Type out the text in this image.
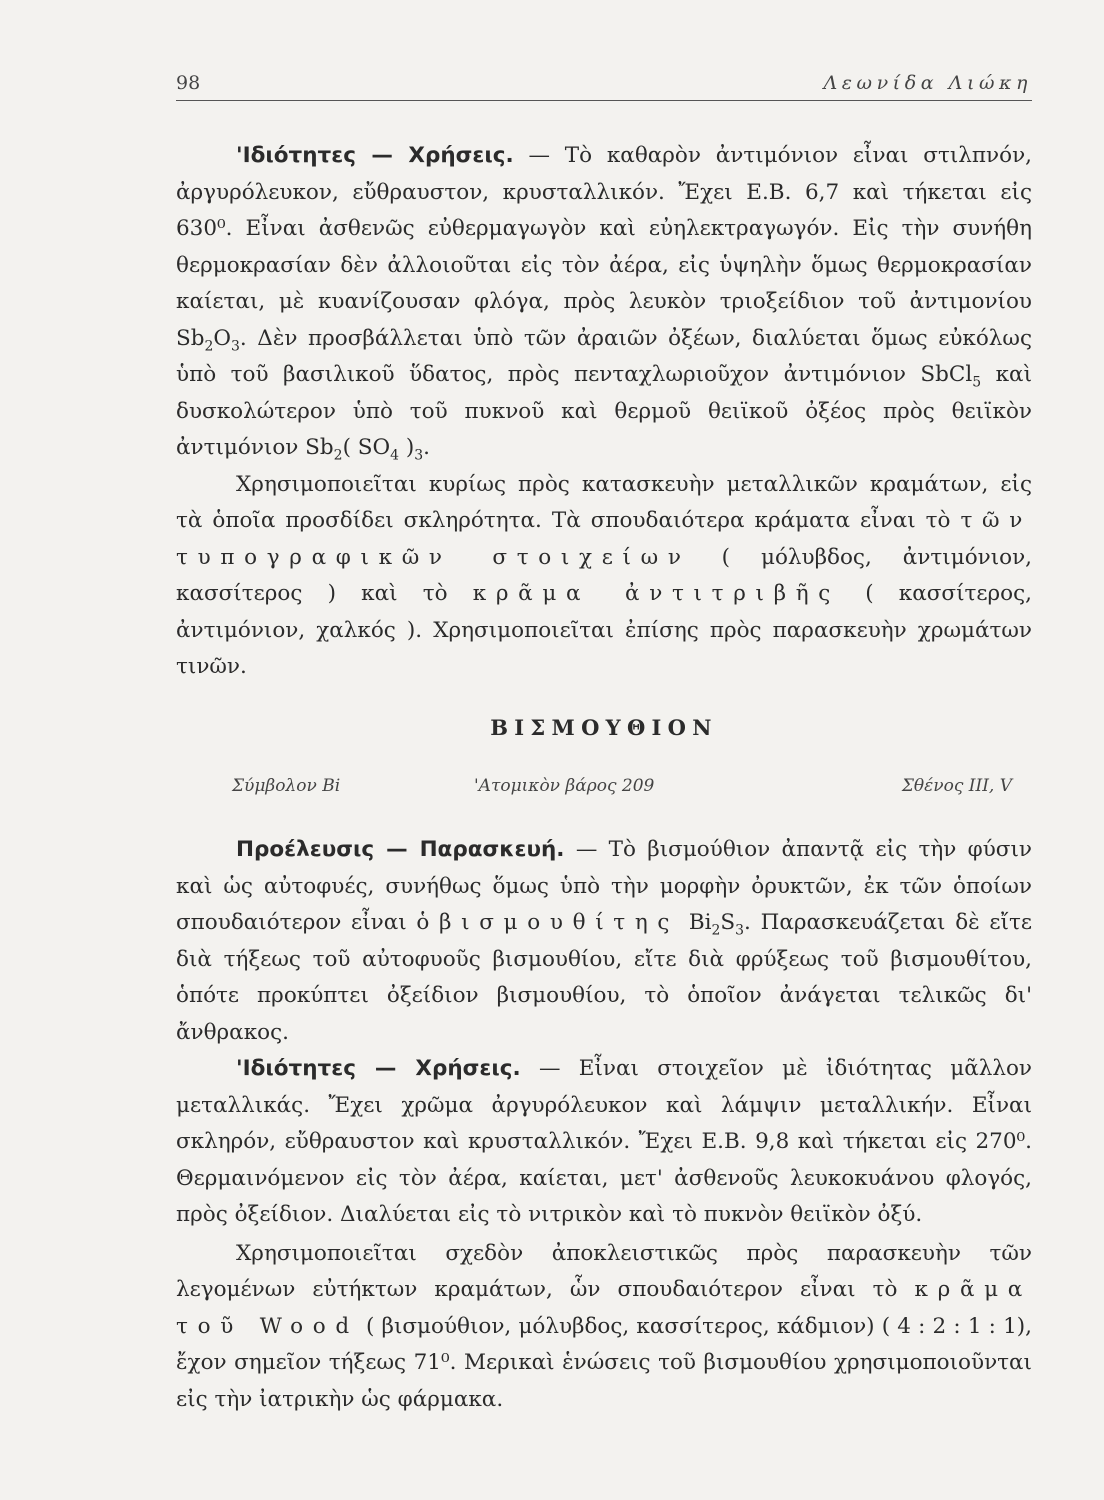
98	Λεωνίδα Λιώκη

'Ιδιότητες — Χρήσεις. — Τὸ καθαρὸν ἀντιμόνιον εἶναι στιλπνόν, ἀργυρόλευκον, εὔθραυστον, κρυσταλλικόν. Ἔχει Ε.Β. 6,7 καὶ τήκεται εἰς 630⁰. Εἶναι ἀσθενῶς εὐθερμαγωγὸν καὶ εὐηλεκτραγωγόν. Εἰς τὴν συνήθη θερμοκρασίαν δὲν ἀλλοιοῦται εἰς τὸν ἀέρα, εἰς ὑψηλὴν ὅμως θερμοκρασίαν καίεται, μὲ κυανίζουσαν φλόγα, πρὸς λευκὸν τριοξείδιον τοῦ ἀντιμονίου $Sb_2O_3$. Δὲν προσβάλλεται ὑπὸ τῶν ἀραιῶν ὀξέων, διαλύεται ὅμως εὐκόλως ὑπὸ τοῦ βασιλικοῦ ὕδατος, πρὸς πενταχλωριοῦχον ἀντιμόνιον SbCl$_5$ καὶ δυσκολώτερον ὑπὸ τοῦ πυκνοῦ καὶ θερμοῦ θειϊκοῦ ὀξέος πρὸς θειϊκὸν ἀντιμόνιον $Sb_2$( $SO_4$ )$_3$.

Χρησιμοποιεῖται κυρίως πρὸς κατασκευὴν μεταλλικῶν κραμάτων, εἰς τὰ ὁποῖα προσδίδει σκληρότητα. Τὰ σπουδαιότερα κράματα εἶναι τὸ τῶν τυπογραφικῶν στοιχείων ( μόλυβδος, ἀντιμόνιον, κασσίτερος ) καὶ τὸ κρᾶμα ἀντιτριβῆς ( κασσίτερος, ἀντιμόνιον, χαλκός ). Χρησιμοποιεῖται ἐπίσης πρὸς παρασκευὴν χρωμάτων τινῶν.

ΒΙΣΜΟΥΘΙΟΝ
Σύμβολον Bi	'Ατομικὸν βάρος 209	Σθένος III, V

Προέλευσις — Παρασκευή. — Τὸ βισμούθιον ἀπαντᾷ εἰς τὴν φύσιν καὶ ὡς αὐτοφυές, συνήθως ὅμως ὑπὸ τὴν μορφὴν ὀρυκτῶν, ἐκ τῶν ὁποίων σπουδαιότερον εἶναι ὁ βισμουθίτης $Bi_2S_3$. Παρασκευάζεται δὲ εἴτε διὰ τήξεως τοῦ αὐτοφυοῦς βισμουθίου, εἴτε διὰ φρύξεως τοῦ βισμουθίτου, ὁπότε προκύπτει ὀξείδιον βισμουθίου, τὸ ὁποῖον ἀνάγεται τελικῶς δι' ἄνθρακος.

'Ιδιότητες — Χρήσεις. — Εἶναι στοιχεῖον μὲ ἰδιότητας μᾶλλον μεταλλικάς. Ἔχει χρῶμα ἀργυρόλευκον καὶ λάμψιν μεταλλικήν. Εἶναι σκληρόν, εὔθραυστον καὶ κρυσταλλικόν. Ἔχει Ε.Β. 9,8 καὶ τήκεται εἰς 270⁰. Θερμαινόμενον εἰς τὸν ἀέρα, καίεται, μετ' ἀσθενοῦς λευκοκυάνου φλογός, πρὸς ὀξείδιον. Διαλύεται εἰς τὸ νιτρικὸν καὶ τὸ πυκνὸν θειϊκὸν ὀξύ.

Χρησιμοποιεῖται σχεδὸν ἀποκλειστικῶς πρὸς παρασκευὴν τῶν λεγομένων εὐτήκτων κραμάτων, ὧν σπουδαιότερον εἶναι τὸ κρᾶμα τοῦ Wood ( βισμούθιον, μόλυβδος, κασσίτερος, κάδμιον) ( 4 : 2 : 1 : 1), ἔχον σημεῖον τήξεως 71⁰. Μερικαὶ ἑνώσεις τοῦ βισμουθίου χρησιμοποιοῦνται εἰς τὴν ἰατρικὴν ὡς φάρμακα.
